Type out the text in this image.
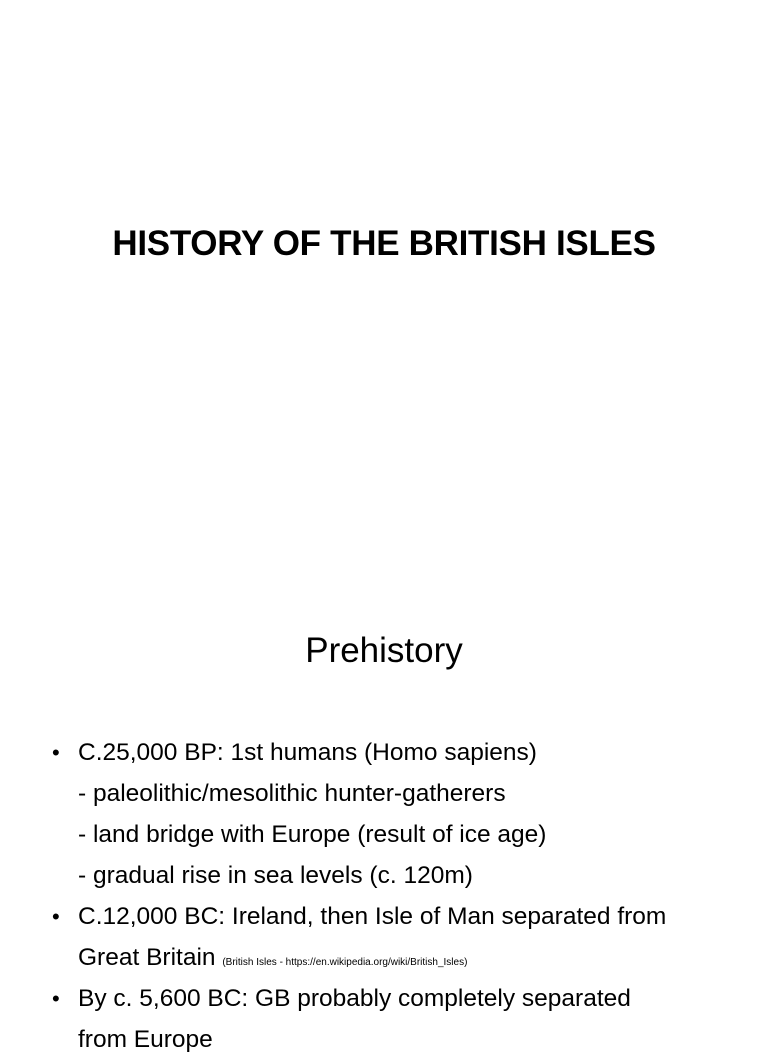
HISTORY OF THE BRITISH ISLES
Prehistory
• C.25,000 BP: 1st humans (Homo sapiens)
- paleolithic/mesolithic hunter-gatherers
- land bridge with Europe (result of ice age)
- gradual rise in sea levels (c. 120m)
• C.12,000 BC: Ireland, then Isle of Man separated from
Great Britain (British Isles - https://en.wikipedia.org/wiki/British_Isles)
• By c. 5,600 BC: GB probably completely separated
from Europe
